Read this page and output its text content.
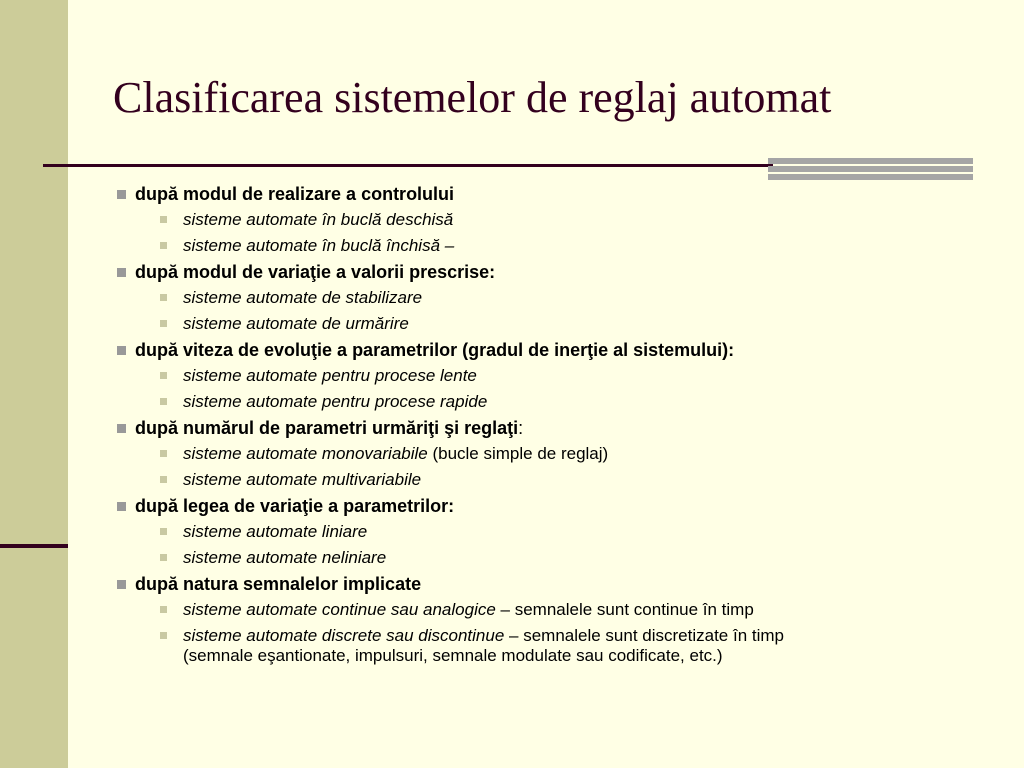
Clasificarea sistemelor de reglaj automat
după modul de realizare a controlului
sisteme automate în buclă deschisă
sisteme automate în buclă închisă –
după modul de variaţie a valorii prescrise:
sisteme automate de stabilizare
sisteme automate de urmărire
după viteza de evoluţie a parametrilor (gradul de inerţie al sistemului):
sisteme automate pentru procese lente
sisteme automate pentru procese rapide
după numărul de parametri urmăriţi şi reglaţi:
sisteme automate monovariabile (bucle simple de reglaj)
sisteme automate multivariabile
după legea de variaţie a parametrilor:
sisteme automate liniare
sisteme automate neliniare
după natura semnalelor implicate
sisteme automate continue sau analogice – semnalele sunt continue în timp
sisteme automate discrete sau discontinue – semnalele sunt discretizate în timp
(semnale eşantionate, impulsuri, semnale modulate sau codificate, etc.)
